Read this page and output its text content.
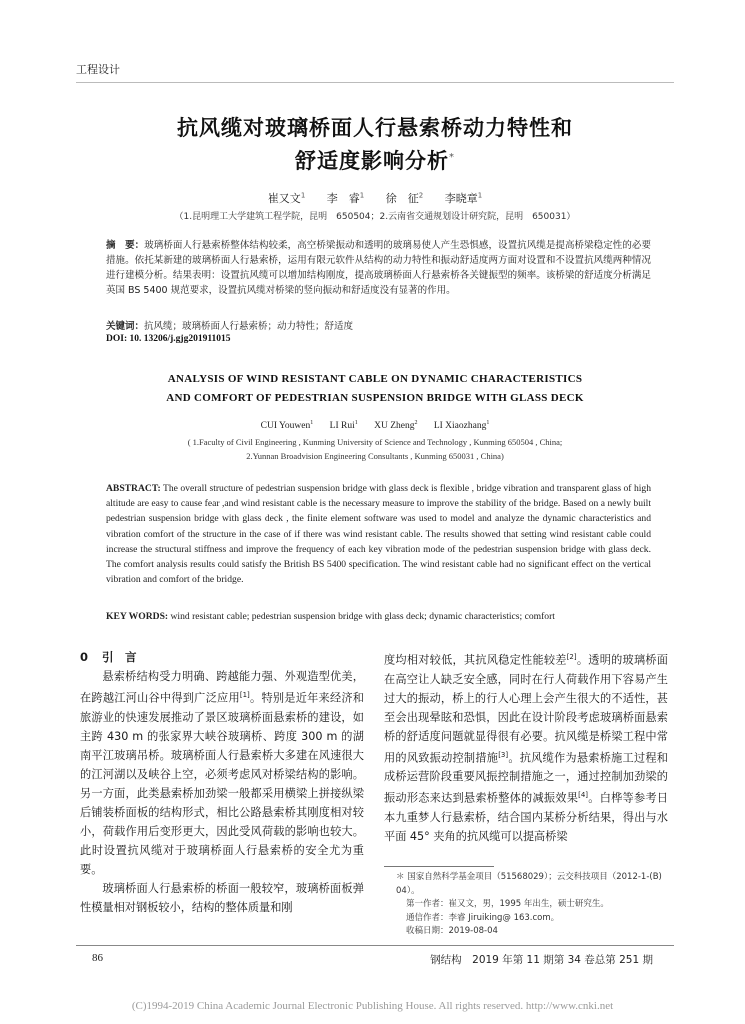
工程设计
抗风缆对玻璃桥面人行悬索桥动力特性和
舒适度影响分析*
崔又文$^1$ 李　睿$^1$ 徐　征$^2$ 李晓章$^1$
（1.昆明理工大学建筑工程学院，昆明　650504；2.云南省交通规划设计研究院，昆明　650031）
摘　要：玻璃桥面人行悬索桥整体结构较柔，高空桥梁振动和透明的玻璃易使人产生恐惧感，设置抗风缆是提高桥梁稳定性的必要措施。依托某新建的玻璃桥面人行悬索桥，运用有限元软件从结构的动力特性和振动舒适度两方面对设置和不设置抗风缆两种情况进行建模分析。结果表明：设置抗风缆可以增加结构刚度，提高玻璃桥面人行悬索桥各关键振型的频率。该桥梁的舒适度分析满足英国 BS 5400 规范要求，设置抗风缆对桥梁的竖向振动和舒适度没有显著的作用。
关键词：抗风缆；玻璃桥面人行悬索桥；动力特性；舒适度
DOI: 10. 13206/j.gjg201911015
ANALYSIS OF WIND RESISTANT CABLE ON DYNAMIC CHARACTERISTICS
AND COMFORT OF PEDESTRIAN SUSPENSION BRIDGE WITH GLASS DECK
CUI Youwen$^1$ LI Rui$^1$ XU Zheng$^2$ LI Xiaozhang$^1$
( 1.Faculty of Civil Engineering , Kunming University of Science and Technology , Kunming 650504 , China;
2.Yunnan Broadvision Engineering Consultants , Kunming 650031 , China)
ABSTRACT: The overall structure of pedestrian suspension bridge with glass deck is flexible , bridge vibration and transparent glass of high altitude are easy to cause fear ,and wind resistant cable is the necessary measure to improve the stability of the bridge. Based on a newly built pedestrian suspension bridge with glass deck , the finite element software was used to model and analyze the dynamic characteristics and vibration comfort of the structure in the case of if there was wind resistant cable. The results showed that setting wind resistant cable could increase the structural stiffness and improve the frequency of each key vibration mode of the pedestrian suspension bridge with glass deck. The comfort analysis results could satisfy the British BS 5400 specification. The wind resistant cable had no significant effect on the vertical vibration and comfort of the bridge.
KEY WORDS: wind resistant cable; pedestrian suspension bridge with glass deck; dynamic characteristics; comfort

0 引　言

悬索桥结构受力明确、跨越能力强、外观造型优美，在跨越江河山谷中得到广泛应用[1]。特别是近年来经济和旅游业的快速发展推动了景区玻璃桥面悬索桥的建设，如主跨 430 m 的张家界大峡谷玻璃桥、跨度 300 m 的湖南平江玻璃吊桥。玻璃桥面人行悬索桥大多建在风速很大的江河湖以及峡谷上空，必须考虑风对桥梁结构的影响。另一方面，此类悬索桥加劲梁一般都采用横梁上拼接纵梁后铺装桥面板的结构形式，相比公路悬索桥其刚度相对较小，荷载作用后变形更大，因此受风荷载的影响也较大。此时设置抗风缆对于玻璃桥面人行悬索桥的安全尤为重要。

玻璃桥面人行悬索桥的桥面一般较窄，玻璃桥面板弹性模量相对钢板较小，结构的整体质量和刚

度均相对较低，其抗风稳定性能较差[2]。透明的玻璃桥面在高空让人缺乏安全感，同时在行人荷载作用下容易产生过大的振动，桥上的行人心理上会产生很大的不适性，甚至会出现晕眩和恐惧，因此在设计阶段考虑玻璃桥面悬索桥的舒适度问题就显得很有必要。抗风缆是桥梁工程中常用的风致振动控制措施[3]。抗风缆作为悬索桥施工过程和成桥运营阶段重要风振控制措施之一，通过控制加劲梁的振动形态来达到悬索桥整体的减振效果[4]。白桦等参考日本九重梦人行悬索桥，结合国内某桥分析结果，得出与水平面 45° 夹角的抗风缆可以提高桥梁

＊ 国家自然科学基金项目（51568029）；云交科技项目（2012-1-(B) 04）。
第一作者：崔又文，男，1995 年出生，硕士研究生。
通信作者：李睿 Jiruiking@ 163.com。
收稿日期：2019-08-04
86	钢结构　2019 年第 11 期第 34 卷总第 251 期
(C)1994-2019 China Academic Journal Electronic Publishing House. All rights reserved. http://www.cnki.net
